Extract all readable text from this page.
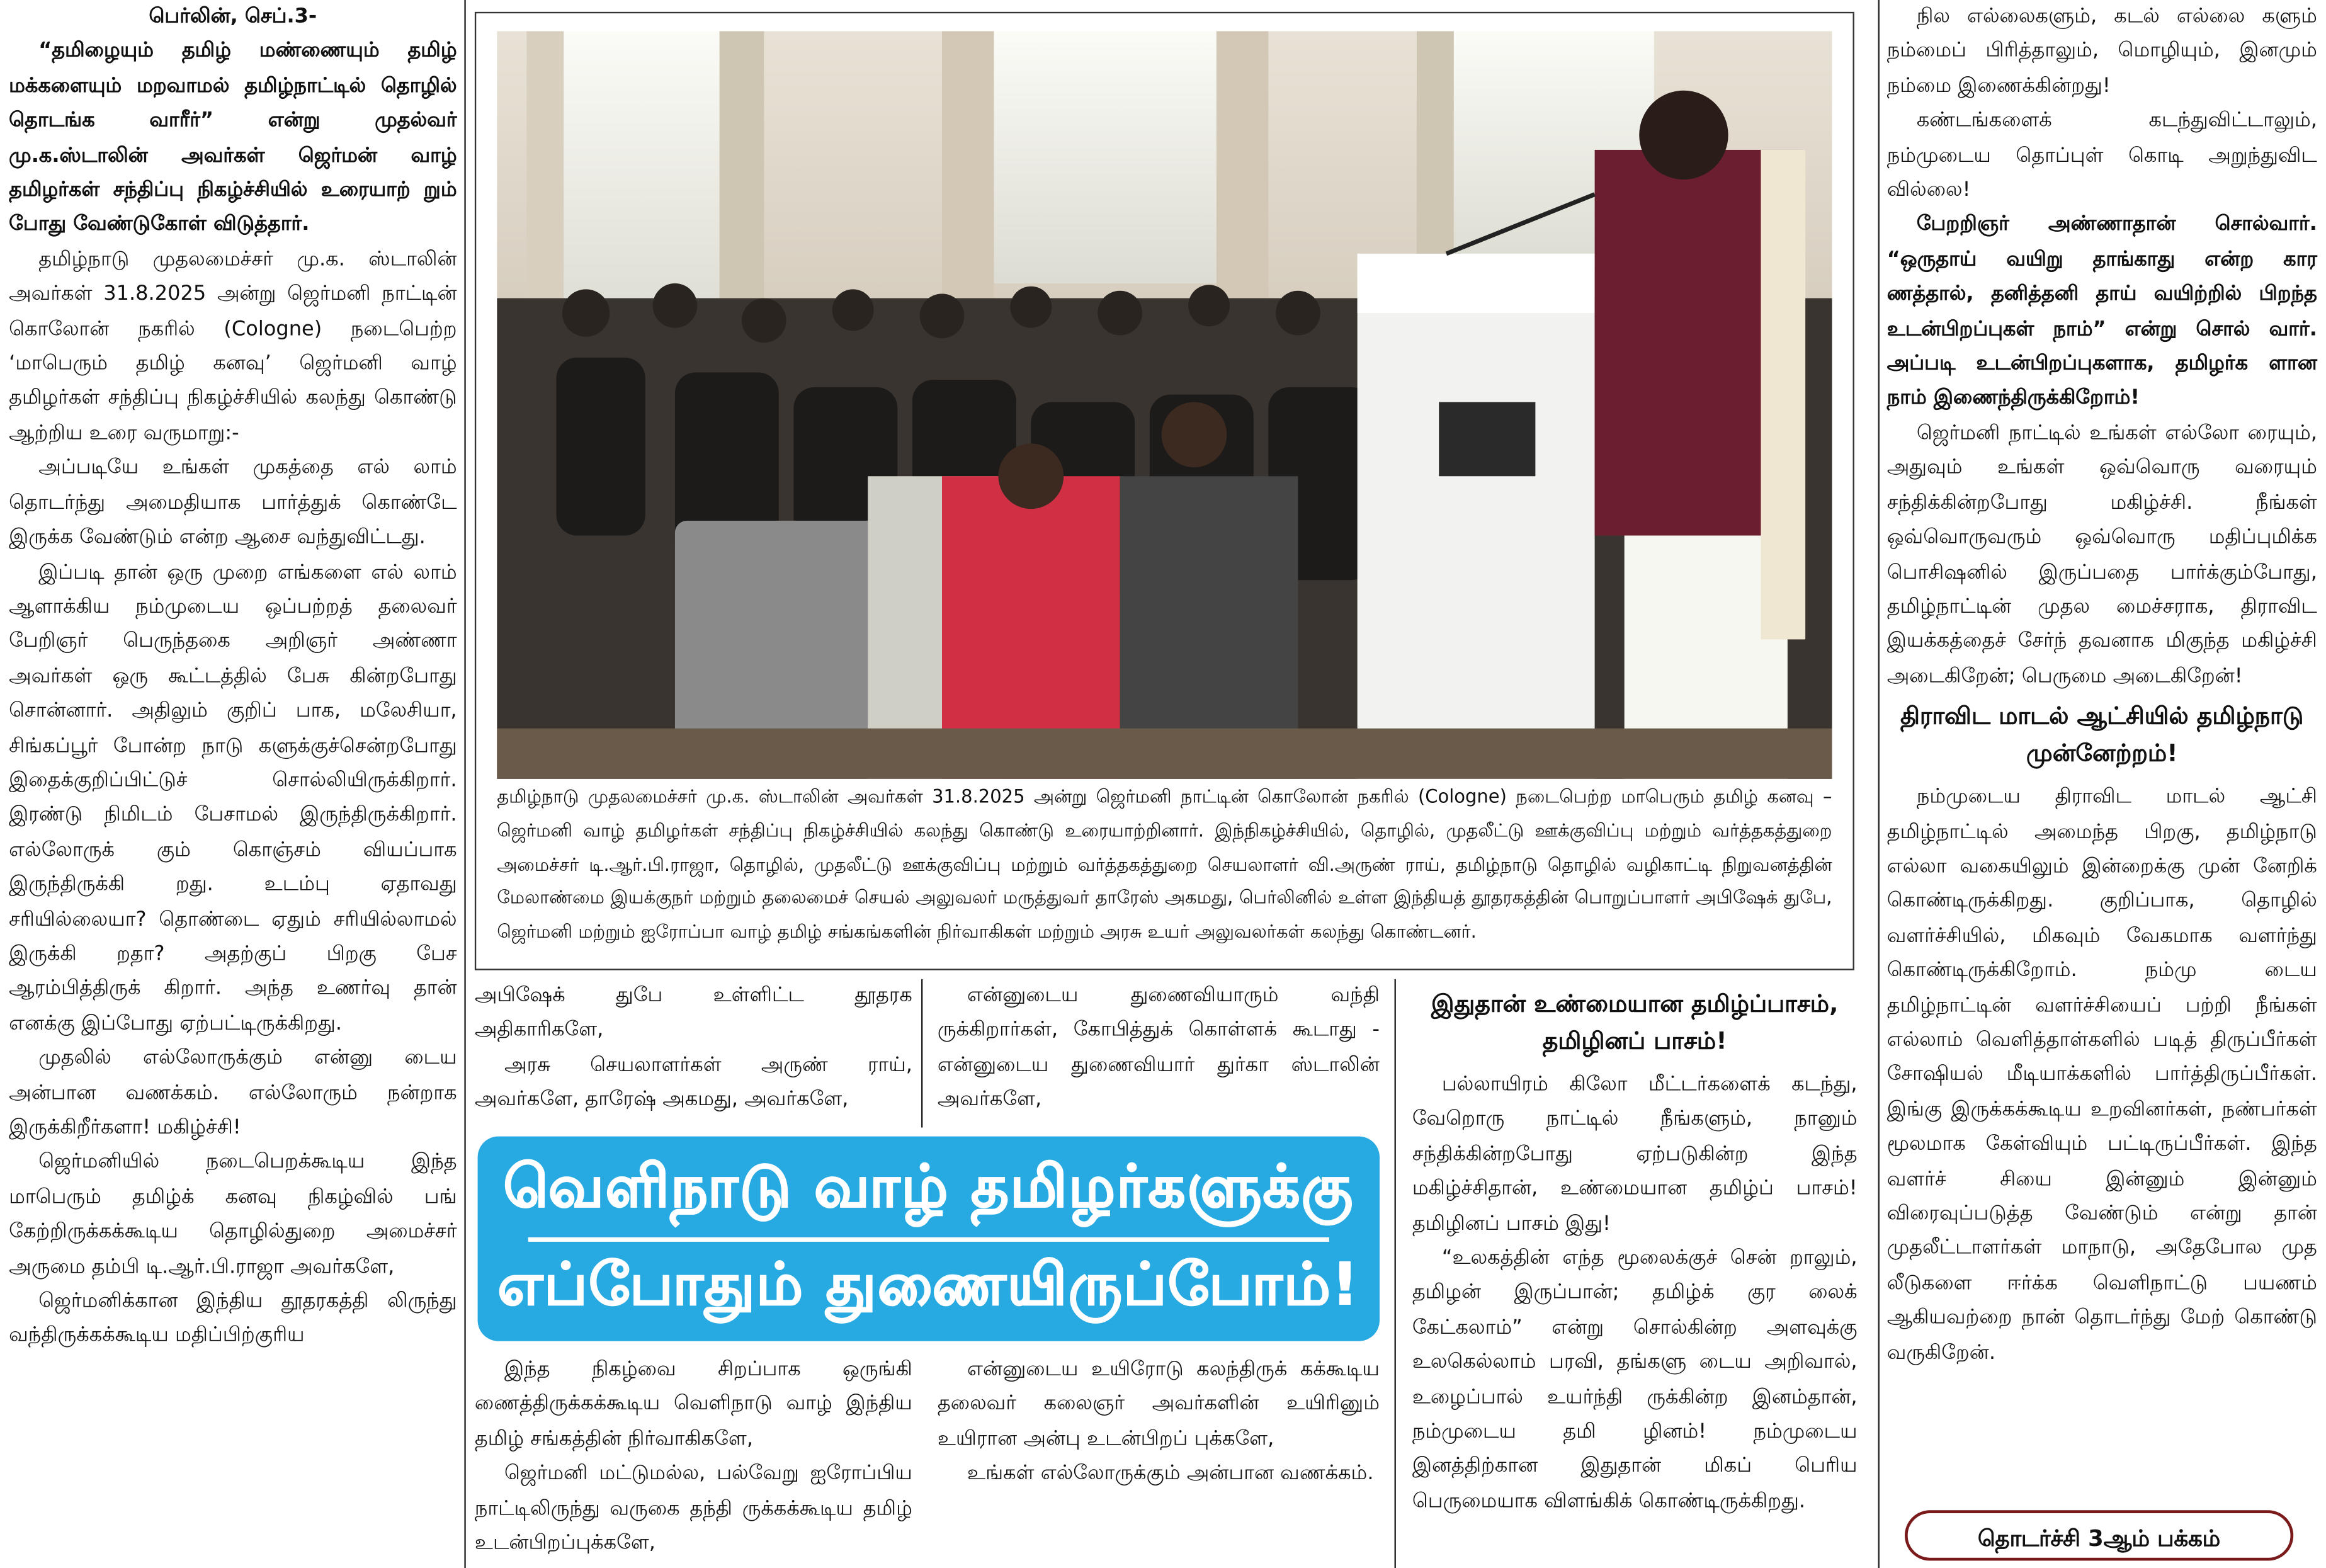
பெர்லின், செப்.3-

“தமிழையும் தமிழ் மண்ணையும் தமிழ் மக்களையும் மறவாமல் தமிழ்நாட்டில் தொழில் தொடங்க வாரீர்” என்று முதல்வர் மு.க.ஸ்டாலின் அவர்கள் ஜெர்மன் வாழ் தமிழர்கள் சந்திப்பு நிகழ்ச்சியில் உரையாற் றும் போது வேண்டுகோள் விடுத்தார்.

தமிழ்நாடு முதலமைச்சர் மு.க. ஸ்டாலின் அவர்கள் 31.8.2025 அன்று ஜெர்மனி நாட்டின் கொலோன் நகரில் (Cologne) நடைபெற்ற ‘மாபெரும் தமிழ் கனவு’ ஜெர்மனி வாழ் தமிழர்கள் சந்திப்பு நிகழ்ச்சியில் கலந்து கொண்டு ஆற்றிய உரை வருமாறு:-

அப்படியே உங்கள் முகத்தை எல் லாம் தொடர்ந்து அமைதியாக பார்த்துக் கொண்டே இருக்க வேண்டும் என்ற ஆசை வந்துவிட்டது.

இப்படி தான் ஒரு முறை எங்களை எல் லாம் ஆளாக்கிய நம்முடைய ஒப்பற்றத் தலைவர் பேறிஞர் பெருந்தகை அறிஞர் அண்ணா அவர்கள் ஒரு கூட்டத்தில் பேசு கின்றபோது சொன்னார். அதிலும் குறிப் பாக, மலேசியா, சிங்கப்பூர் போன்ற நாடு களுக்குச்சென்றபோது இதைக்குறிப்பிட்டுச் சொல்லியிருக்கிறார். இரண்டு நிமிடம் பேசாமல் இருந்திருக்கிறார். எல்லோருக் கும் கொஞ்சம் வியப்பாக இருந்திருக்கி றது. உடம்பு ஏதாவது சரியில்லையா? தொண்டை ஏதும் சரியில்லாமல் இருக்கி றதா? அதற்குப் பிறகு பேச ஆரம்பித்திருக் கிறார். அந்த உணர்வு தான் எனக்கு இப்போது ஏற்பட்டிருக்கிறது.

முதலில் எல்லோருக்கும் என்னு டைய அன்பான வணக்கம். எல்லோரும் நன்றாக இருக்கிறீர்களா! மகிழ்ச்சி!

ஜெர்மனியில் நடைபெறக்கூடிய இந்த மாபெரும் தமிழ்க் கனவு நிகழ்வில் பங் கேற்றிருக்கக்கூடிய தொழில்துறை அமைச்சர் அருமை தம்பி டி.ஆர்.பி.ராஜா அவர்களே,

ஜெர்மனிக்கான இந்திய தூதரகத்தி லிருந்து வந்திருக்கக்கூடிய மதிப்பிற்குரிய

தமிழ்நாடு முதலமைச்சர் மு.க. ஸ்டாலின் அவர்கள் 31.8.2025 அன்று ஜெர்மனி நாட்டின் கொலோன் நகரில் (Cologne) நடைபெற்ற மாபெரும் தமிழ் கனவு – ஜெர்மனி வாழ் தமிழர்கள் சந்திப்பு நிகழ்ச்சியில் கலந்து கொண்டு உரையாற்றினார். இந்நிகழ்ச்சியில், தொழில், முதலீட்டு ஊக்குவிப்பு மற்றும் வர்த்தகத்துறை அமைச்சர் டி.ஆர்.பி.ராஜா, தொழில், முதலீட்டு ஊக்குவிப்பு மற்றும் வர்த்தகத்துறை செயலாளர் வி.அருண் ராய், தமிழ்நாடு தொழில் வழிகாட்டி நிறுவனத்தின் மேலாண்மை இயக்குநர் மற்றும் தலைமைச் செயல் அலுவலர் மருத்துவர் தாரேஸ் அகமது, பெர்லினில் உள்ள இந்தியத் தூதரகத்தின் பொறுப்பாளர் அபிஷேக் துபே, ஜெர்மனி மற்றும் ஐரோப்பா வாழ் தமிழ் சங்கங்களின் நிர்வாகிகள் மற்றும் அரசு உயர் அலுவலர்கள் கலந்து கொண்டனர்.

அபிஷேக் துபே உள்ளிட்ட தூதரக அதிகாரிகளே,

அரசு செயலாளர்கள் அருண் ராய், அவர்களே, தாரேஷ் அகமது, அவர்களே,

இந்த நிகழ்வை சிறப்பாக ஒருங்கி ணைத்திருக்கக்கூடிய வெளிநாடு வாழ் இந்திய தமிழ் சங்கத்தின் நிர்வாகிகளே,

ஜெர்மனி மட்டுமல்ல, பல்வேறு ஐரோப்பிய நாட்டிலிருந்து வருகை தந்தி ருக்கக்கூடிய தமிழ் உடன்பிறப்புக்களே,

என்னுடைய துணைவியாரும் வந்தி ருக்கிறார்கள், கோபித்துக் கொள்ளக் கூடாது - என்னுடைய துணைவியார் துர்கா ஸ்டாலின் அவர்களே,

என்னுடைய உயிரோடு கலந்திருக் கக்கூடிய தலைவர் கலைஞர் அவர்களின் உயிரினும் உயிரான அன்பு உடன்பிறப் புக்களே,

உங்கள் எல்லோருக்கும் அன்பான வணக்கம்.

வெளிநாடு வாழ் தமிழர்களுக்கு
எப்போதும் துணையிருப்போம்!
இதுதான் உண்மையான தமிழ்ப்பாசம், தமிழினப் பாசம்!

பல்லாயிரம் கிலோ மீட்டர்களைக் கடந்து, வேறொரு நாட்டில் நீங்களும், நானும் சந்திக்கின்றபோது ஏற்படுகின்ற இந்த மகிழ்ச்சிதான், உண்மையான தமிழ்ப் பாசம்! தமிழினப் பாசம் இது!

“உலகத்தின் எந்த மூலைக்குச் சென் றாலும், தமிழன் இருப்பான்; தமிழ்க் குர லைக் கேட்கலாம்” என்று சொல்கின்ற அளவுக்கு உலகெல்லாம் பரவி, தங்களு டைய அறிவால், உழைப்பால் உயர்ந்தி ருக்கின்ற இனம்தான், நம்முடைய தமி ழினம்! நம்முடைய இனத்திற்கான இதுதான் மிகப் பெரிய பெருமையாக விளங்கிக் கொண்டிருக்கிறது.

நில எல்லைகளும், கடல் எல்லை களும் நம்மைப் பிரித்தாலும், மொழியும், இனமும் நம்மை இணைக்கின்றது!

கண்டங்களைக் கடந்துவிட்டாலும், நம்முடைய தொப்புள் கொடி அறுந்துவிட வில்லை!

பேறறிஞர் அண்ணாதான் சொல்வார். “ஒருதாய் வயிறு தாங்காது என்ற கார ணத்தால், தனித்தனி தாய் வயிற்றில் பிறந்த உடன்பிறப்புகள் நாம்” என்று சொல் வார். அப்படி உடன்பிறப்புகளாக, தமிழர்க ளான நாம் இணைந்திருக்கிறோம்!

ஜெர்மனி நாட்டில் உங்கள் எல்லோ ரையும், அதுவும் உங்கள் ஒவ்வொரு வரையும் சந்திக்கின்றபோது மகிழ்ச்சி. நீங்கள் ஒவ்வொருவரும் ஒவ்வொரு மதிப்புமிக்க பொசிஷனில் இருப்பதை பார்க்கும்போது, தமிழ்நாட்டின் முதல மைச்சராக, திராவிட இயக்கத்தைச் சேர்ந் தவனாக மிகுந்த மகிழ்ச்சி அடைகிறேன்; பெருமை அடைகிறேன்!

திராவிட மாடல் ஆட்சியில் தமிழ்நாடு முன்னேற்றம்!

நம்முடைய திராவிட மாடல் ஆட்சி தமிழ்நாட்டில் அமைந்த பிறகு, தமிழ்நாடு எல்லா வகையிலும் இன்றைக்கு முன் னேறிக் கொண்டிருக்கிறது. குறிப்பாக, தொழில் வளர்ச்சியில், மிகவும் வேகமாக வளர்ந்து கொண்டிருக்கிறோம். நம்மு டைய தமிழ்நாட்டின் வளர்ச்சியைப் பற்றி நீங்கள் எல்லாம் வெளித்தாள்களில் படித் திருப்பீர்கள் சோஷியல் மீடியாக்களில் பார்த்திருப்பீர்கள். இங்கு இருக்கக்கூடிய உறவினர்கள், நண்பர்கள் மூலமாக கேள்வியும் பட்டிருப்பீர்கள். இந்த வளர்ச் சியை இன்னும் இன்னும் விரைவுப்படுத்த வேண்டும் என்று தான் முதலீட்டாளர்கள் மாநாடு, அதேபோல முத லீடுகளை ஈர்க்க வெளிநாட்டு பயணம் ஆகியவற்றை நான் தொடர்ந்து மேற் கொண்டு வருகிறேன்.

தொடர்ச்சி 3ஆம் பக்கம்
